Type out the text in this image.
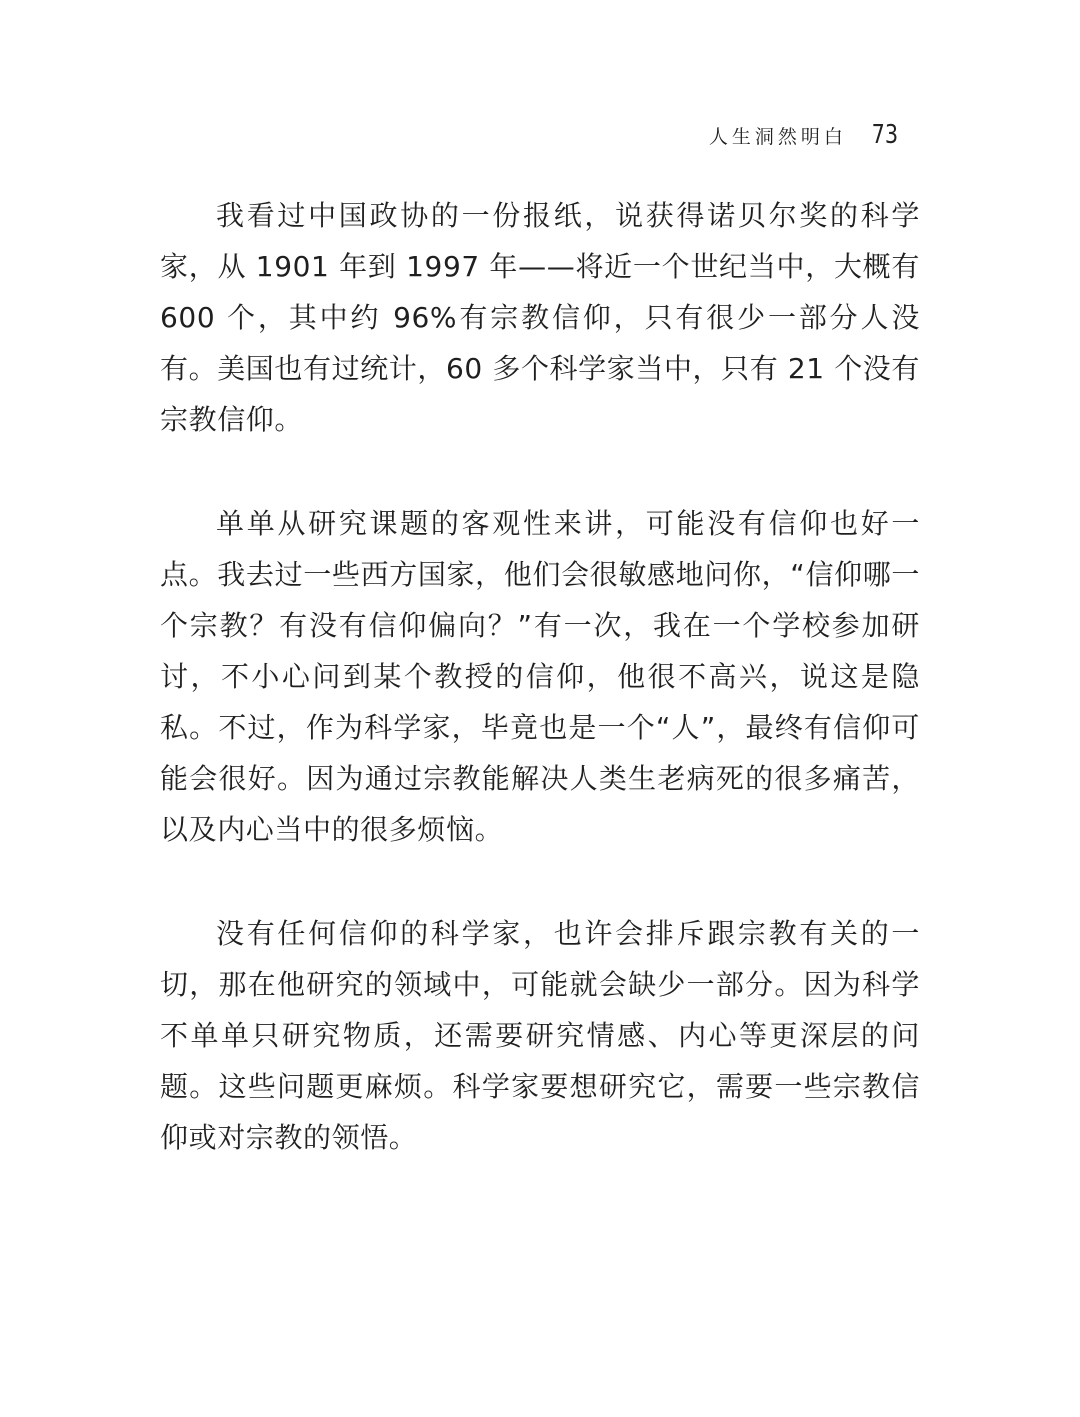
人生洞然明白 73

我看过中国政协的一份报纸，说获得诺贝尔奖的科学家，从 1901 年到 1997 年——将近一个世纪当中，大概有 600 个，其中约 96%有宗教信仰，只有很少一部分人没有。美国也有过统计，60 多个科学家当中，只有 21 个没有宗教信仰。

单单从研究课题的客观性来讲，可能没有信仰也好一点。我去过一些西方国家，他们会很敏感地问你，“信仰哪一个宗教？有没有信仰偏向？”有一次，我在一个学校参加研讨，不小心问到某个教授的信仰，他很不高兴，说这是隐私。不过，作为科学家，毕竟也是一个“人”，最终有信仰可能会很好。因为通过宗教能解决人类生老病死的很多痛苦，以及内心当中的很多烦恼。

没有任何信仰的科学家，也许会排斥跟宗教有关的一切，那在他研究的领域中，可能就会缺少一部分。因为科学不单单只研究物质，还需要研究情感、内心等更深层的问题。这些问题更麻烦。科学家要想研究它，需要一些宗教信仰或对宗教的领悟。
